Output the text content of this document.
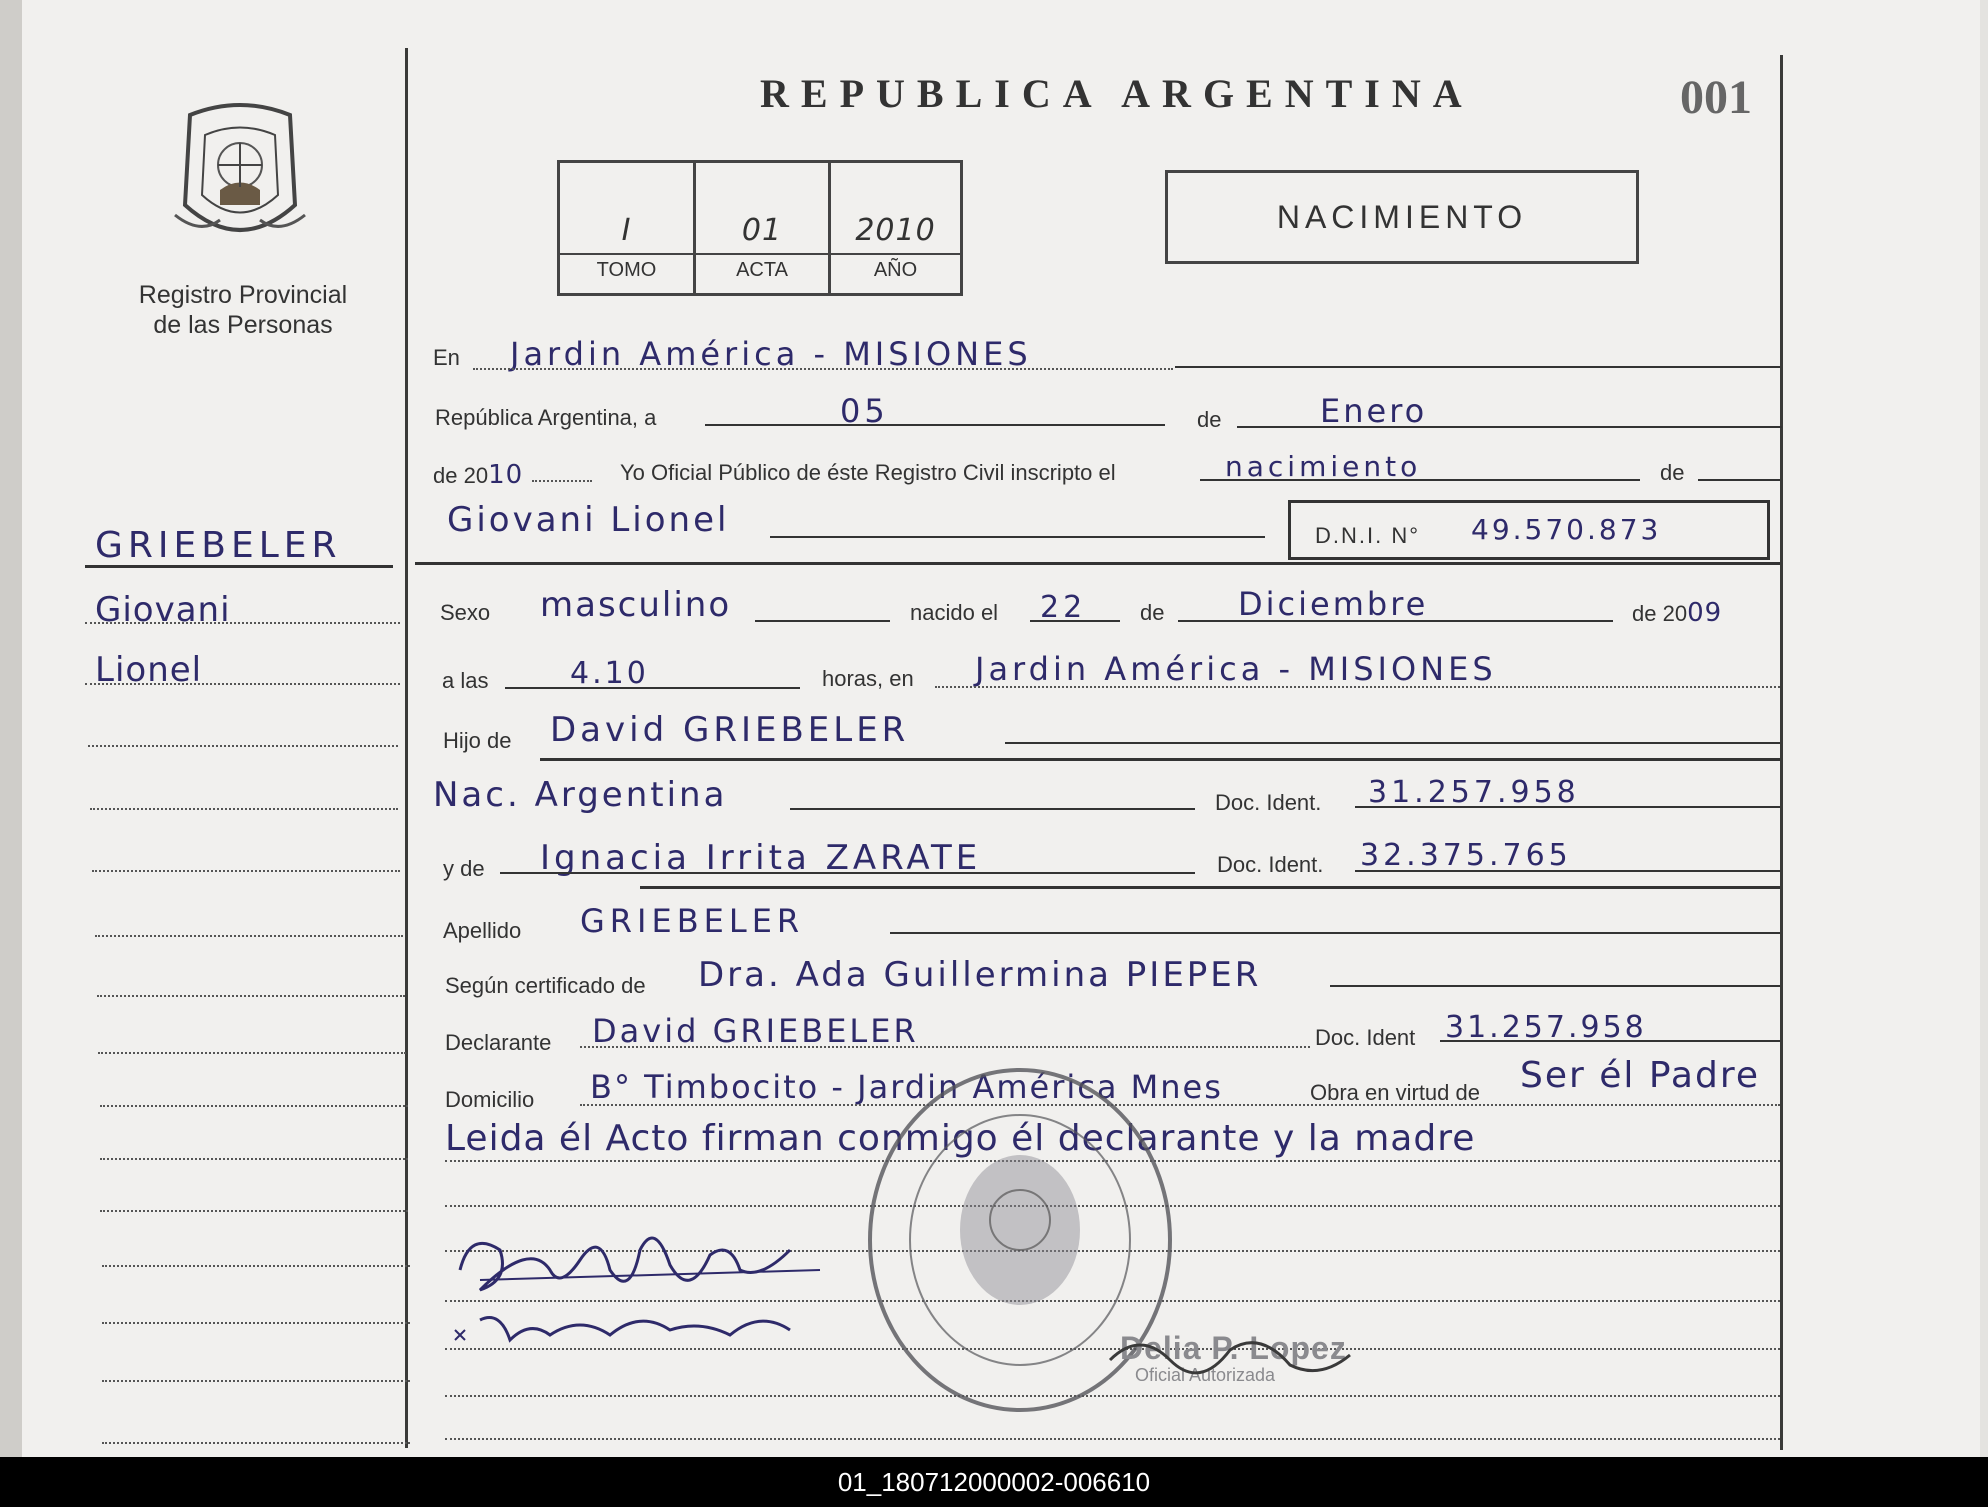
Registro Provincial
de las Personas
REPUBLICA ARGENTINA	001
I	01	2010
TOMO	ACTA	AÑO
NACIMIENTO
GRIEBELER
Giovani
Lionel
En Jardin América - MISIONES
República Argentina, a	05	de	Enero
de 2010	Yo Oficial Público de éste Registro Civil inscripto el	nacimiento	de
Giovani Lionel	D.N.I. N° 49.570.873
Sexo masculino	nacido el 22 de Diciembre	de 2009
a las	4.10	horas, en Jardin América - MISIONES
Hijo de David GRIEBELER
Nac. Argentina	Doc. Ident. 31.257.958
y de Ignacia Irrita ZARATE	Doc. Ident. 32.375.765
Apellido GRIEBELER
Según certificado de Dra. Ada Guillermina PIEPER
Declarante David GRIEBELER	Doc. Ident 31.257.958
Domicilio B° Timbocito - Jardin América Mnes	Obra en virtud de Ser él Padre
Leida él Acto firman conmigo él declarante y la madre
Delia P. Lopez
Oficial Autorizada
01_180712000002-006610
